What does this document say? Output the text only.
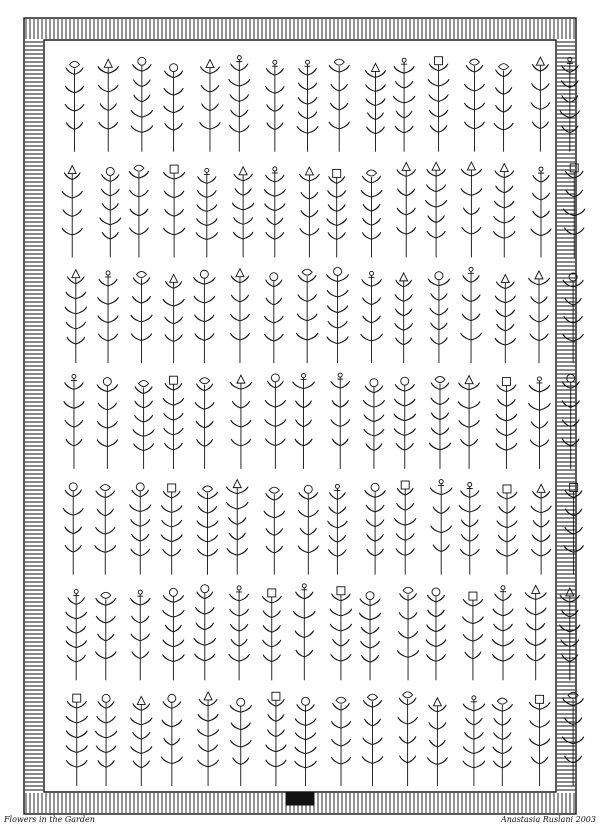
Flowers in the Garden	Anastasia Ruslani 2003
